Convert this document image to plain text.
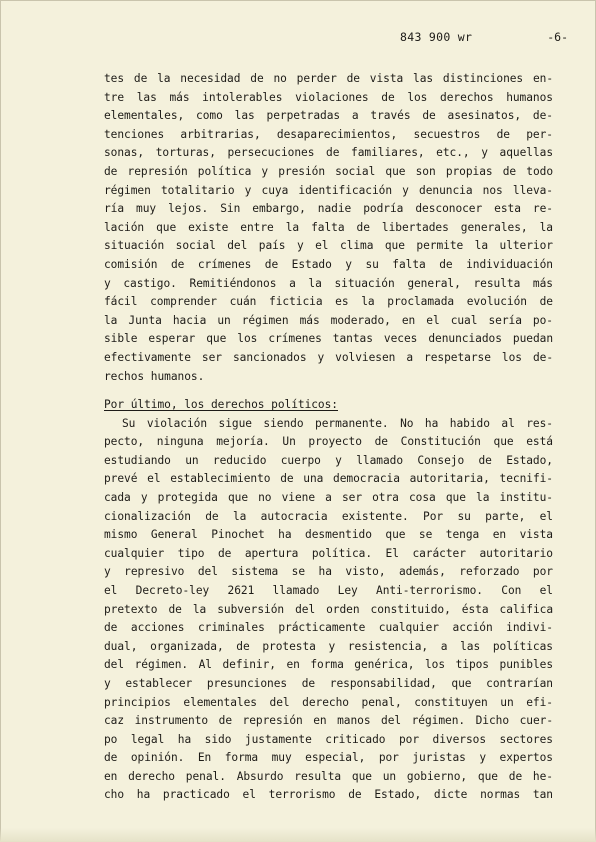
843 900 wr	-6-
tes de la necesidad de no perder de vista las distinciones en-
tre las más intolerables violaciones de los derechos humanos
elementales, como las perpetradas a través de asesinatos, de-
tenciones arbitrarias, desaparecimientos, secuestros de per-
sonas, torturas, persecuciones de familiares, etc., y aquellas
de represión política y presión social que son propias de todo
régimen totalitario y cuya identificación y denuncia nos lleva-
ría muy lejos. Sin embargo, nadie podría desconocer esta re-
lación que existe entre la falta de libertades generales, la
situación social del país y el clima que permite la ulterior
comisión de crímenes de Estado y su falta de individuación
y castigo. Remitiéndonos a la situación general, resulta más
fácil comprender cuán ficticia es la proclamada evolución de
la Junta hacia un régimen más moderado, en el cual sería po-
sible esperar que los crímenes tantas veces denunciados puedan
efectivamente ser sancionados y volviesen a respetarse los de-
rechos humanos.
Por último, los derechos políticos:
Su violación sigue siendo permanente. No ha habido al res-
pecto, ninguna mejoría. Un proyecto de Constitución que está
estudiando un reducido cuerpo y llamado Consejo de Estado,
prevé el establecimiento de una democracia autoritaria, tecnifi-
cada y protegida que no viene a ser otra cosa que la institu-
cionalización de la autocracia existente. Por su parte, el
mismo General Pinochet ha desmentido que se tenga en vista
cualquier tipo de apertura política. El carácter autoritario
y represivo del sistema se ha visto, además, reforzado por
el Decreto-ley 2621 llamado Ley Anti-terrorismo. Con el
pretexto de la subversión del orden constituido, ésta califica
de acciones criminales prácticamente cualquier acción indivi-
dual, organizada, de protesta y resistencia, a las políticas
del régimen. Al definir, en forma genérica, los tipos punibles
y establecer presunciones de responsabilidad, que contrarían
principios elementales del derecho penal, constituyen un efi-
caz instrumento de represión en manos del régimen. Dicho cuer-
po legal ha sido justamente criticado por diversos sectores
de opinión. En forma muy especial, por juristas y expertos
en derecho penal. Absurdo resulta que un gobierno, que de he-
cho ha practicado el terrorismo de Estado, dicte normas tan
